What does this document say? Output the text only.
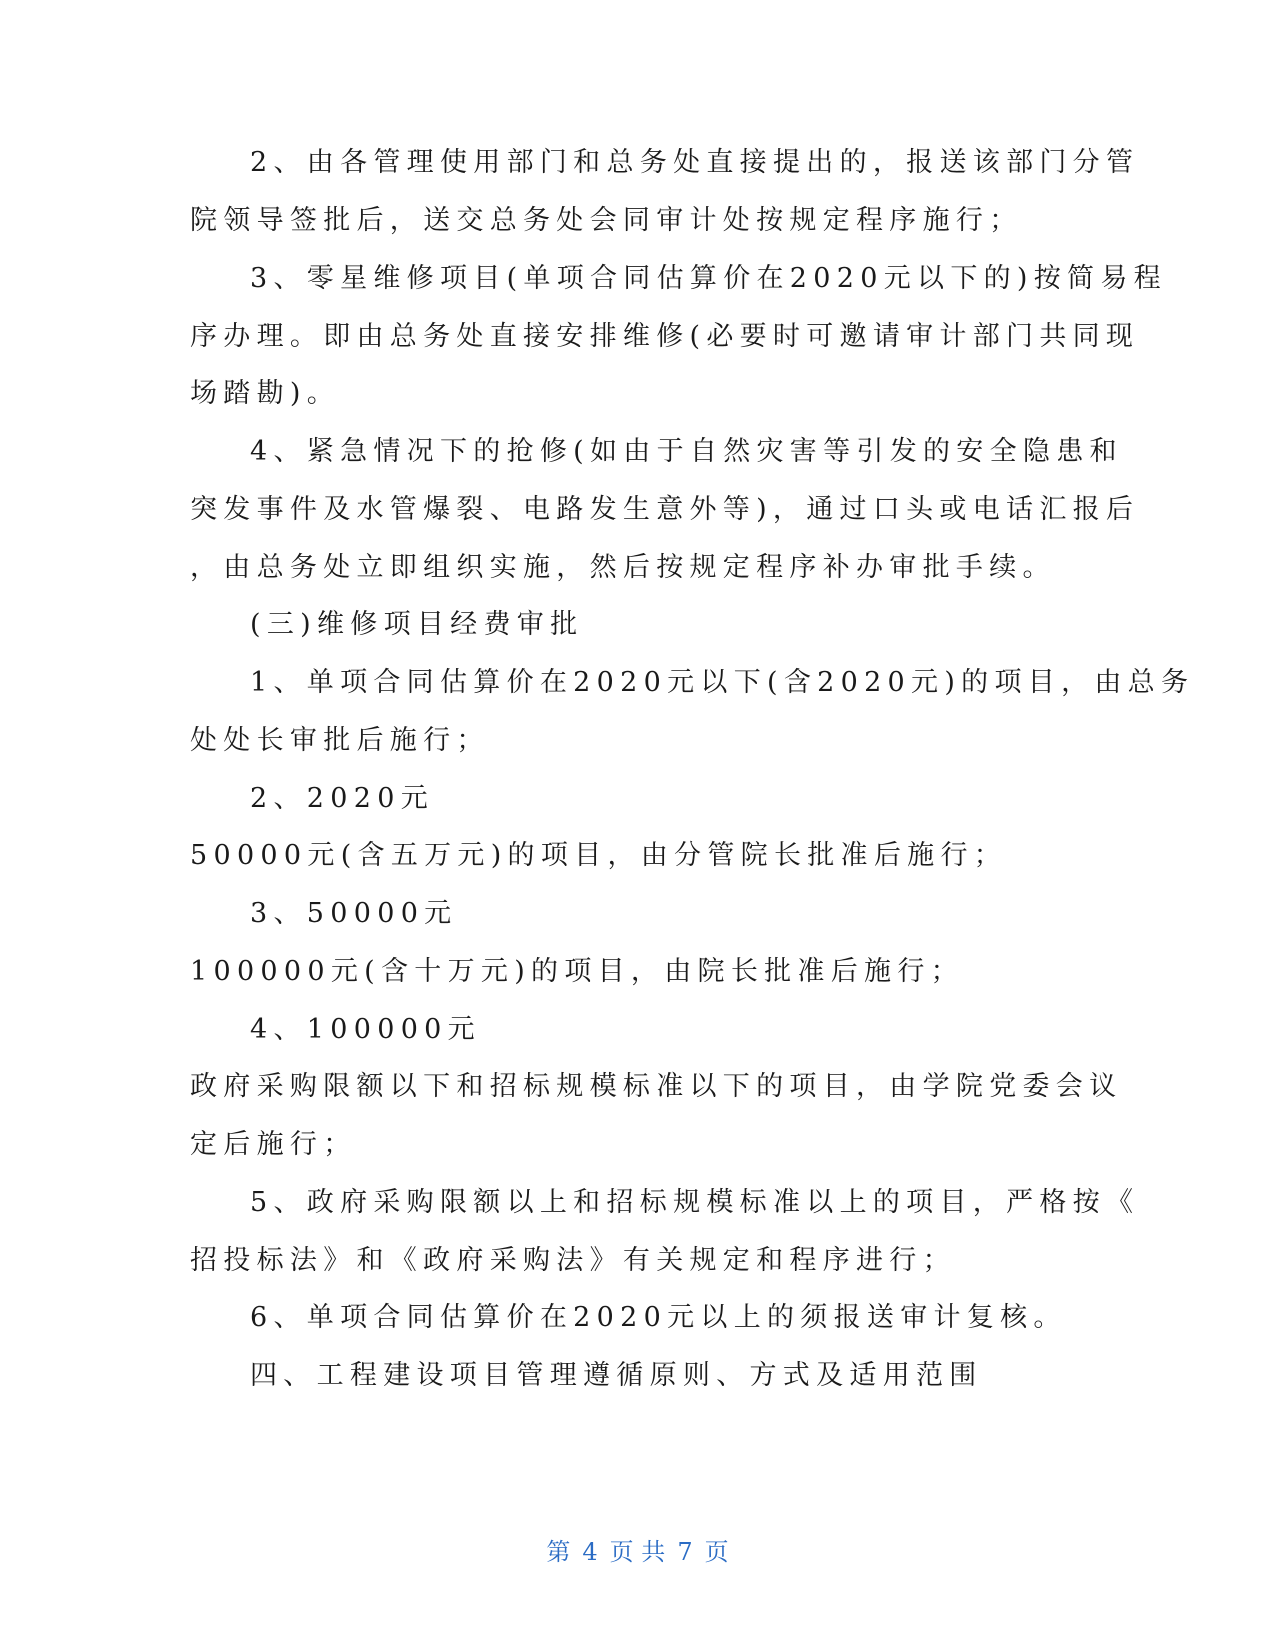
2、由各管理使用部门和总务处直接提出的，报送该部门分管
院领导签批后，送交总务处会同审计处按规定程序施行；
3、零星维修项目(单项合同估算价在2020元以下的)按简易程
序办理。即由总务处直接安排维修(必要时可邀请审计部门共同现
场踏勘)。
4、紧急情况下的抢修(如由于自然灾害等引发的安全隐患和
突发事件及水管爆裂、电路发生意外等)，通过口头或电话汇报后
，由总务处立即组织实施，然后按规定程序补办审批手续。
(三)维修项目经费审批
1、单项合同估算价在2020元以下(含2020元)的项目，由总务
处处长审批后施行；
2、2020元
50000元(含五万元)的项目，由分管院长批准后施行；
3、50000元
100000元(含十万元)的项目，由院长批准后施行；
4、100000元
政府采购限额以下和招标规模标准以下的项目，由学院党委会议
定后施行；
5、政府采购限额以上和招标规模标准以上的项目，严格按《
招投标法》和《政府采购法》有关规定和程序进行；
6、单项合同估算价在2020元以上的须报送审计复核。
四、工程建设项目管理遵循原则、方式及适用范围
第 4 页 共 7 页
